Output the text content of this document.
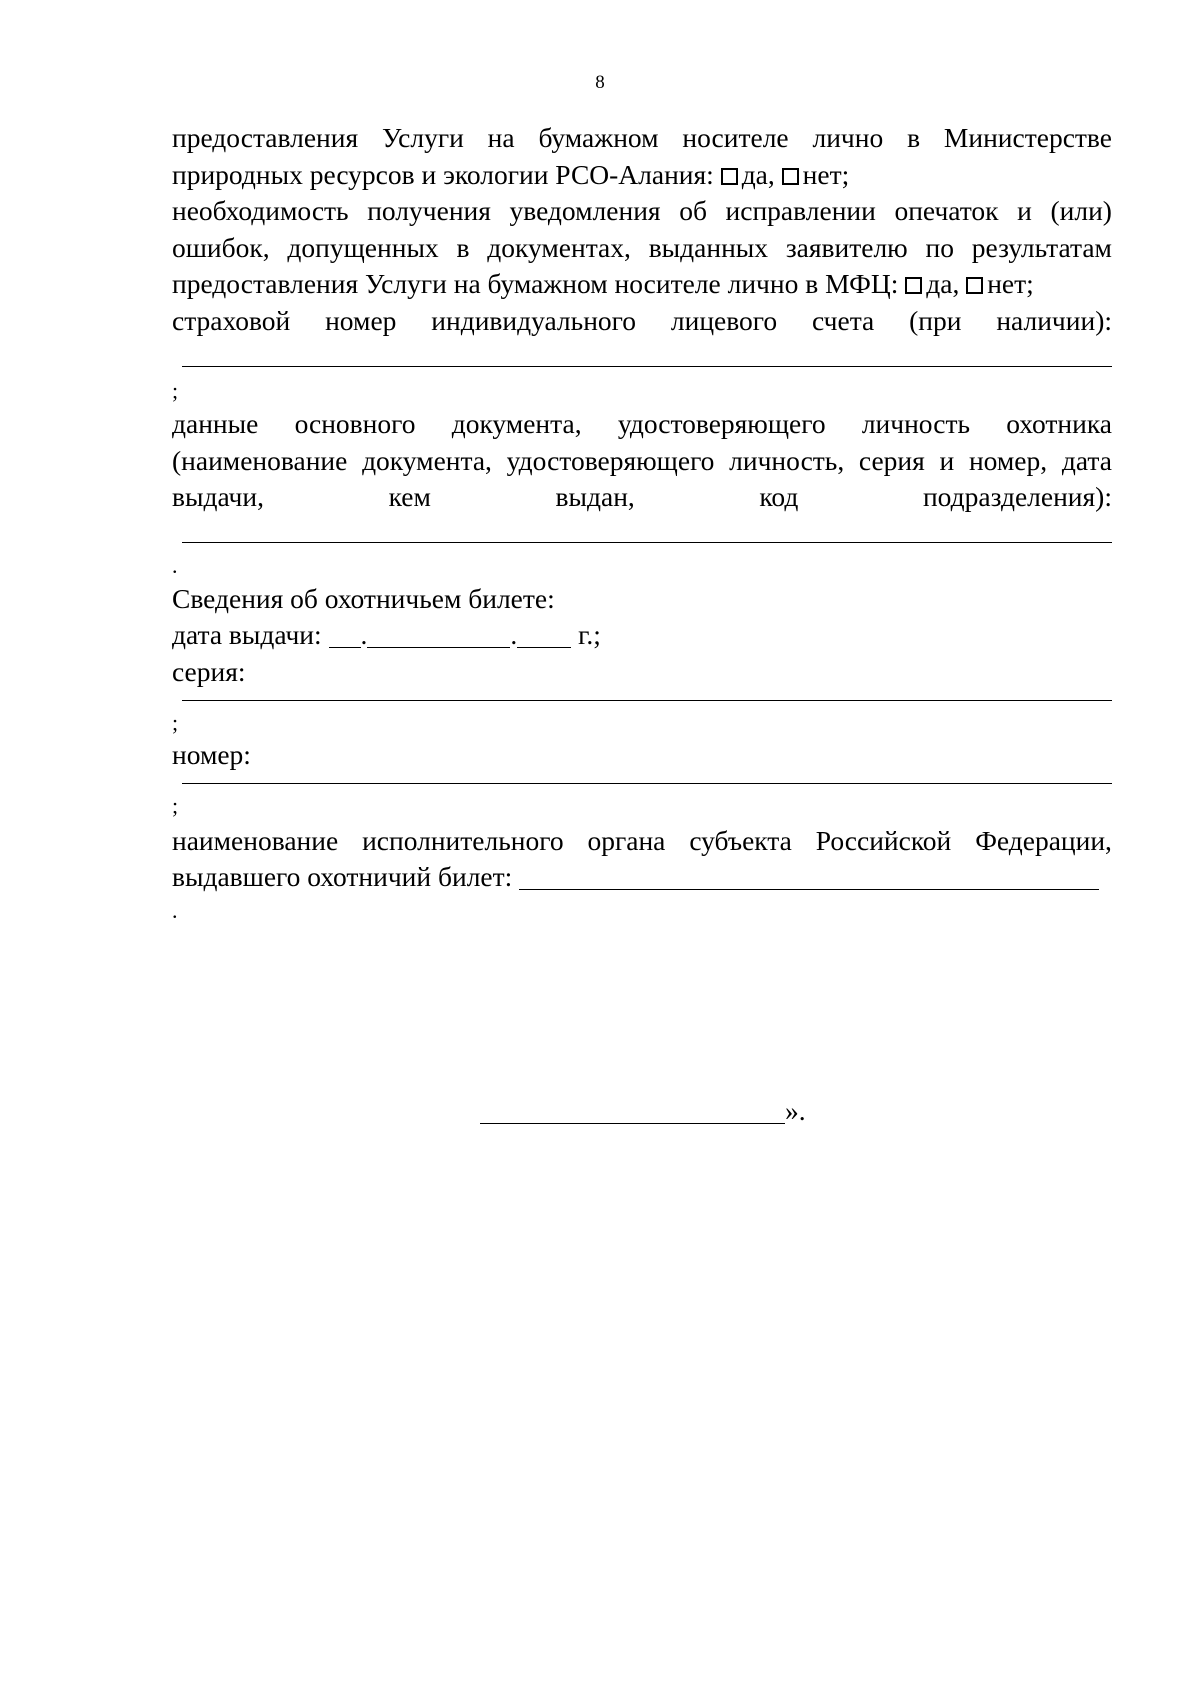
8
предоставления Услуги на бумажном носителе лично в Министерстве
природных ресурсов и экологии РСО-Алания: да, нет;
необходимость получения уведомления об исправлении опечаток и (или)
ошибок, допущенных в документах, выданных заявителю по результатам
предоставления Услуги на бумажном носителе лично в МФЦ: да, нет;
страховой номер индивидуального лицевого счета (при наличии):
;
данные основного документа, удостоверяющего личность охотника
(наименование документа, удостоверяющего личность, серия и номер, дата
выдачи,	кем	выдан,	код	подразделения):
.
Сведения об охотничьем билете:
дата выдачи: .	. г.;
серия:
;
номер:
;
наименование исполнительного органа субъекта Российской Федерации,
выдавшего охотничий билет:
.
».
